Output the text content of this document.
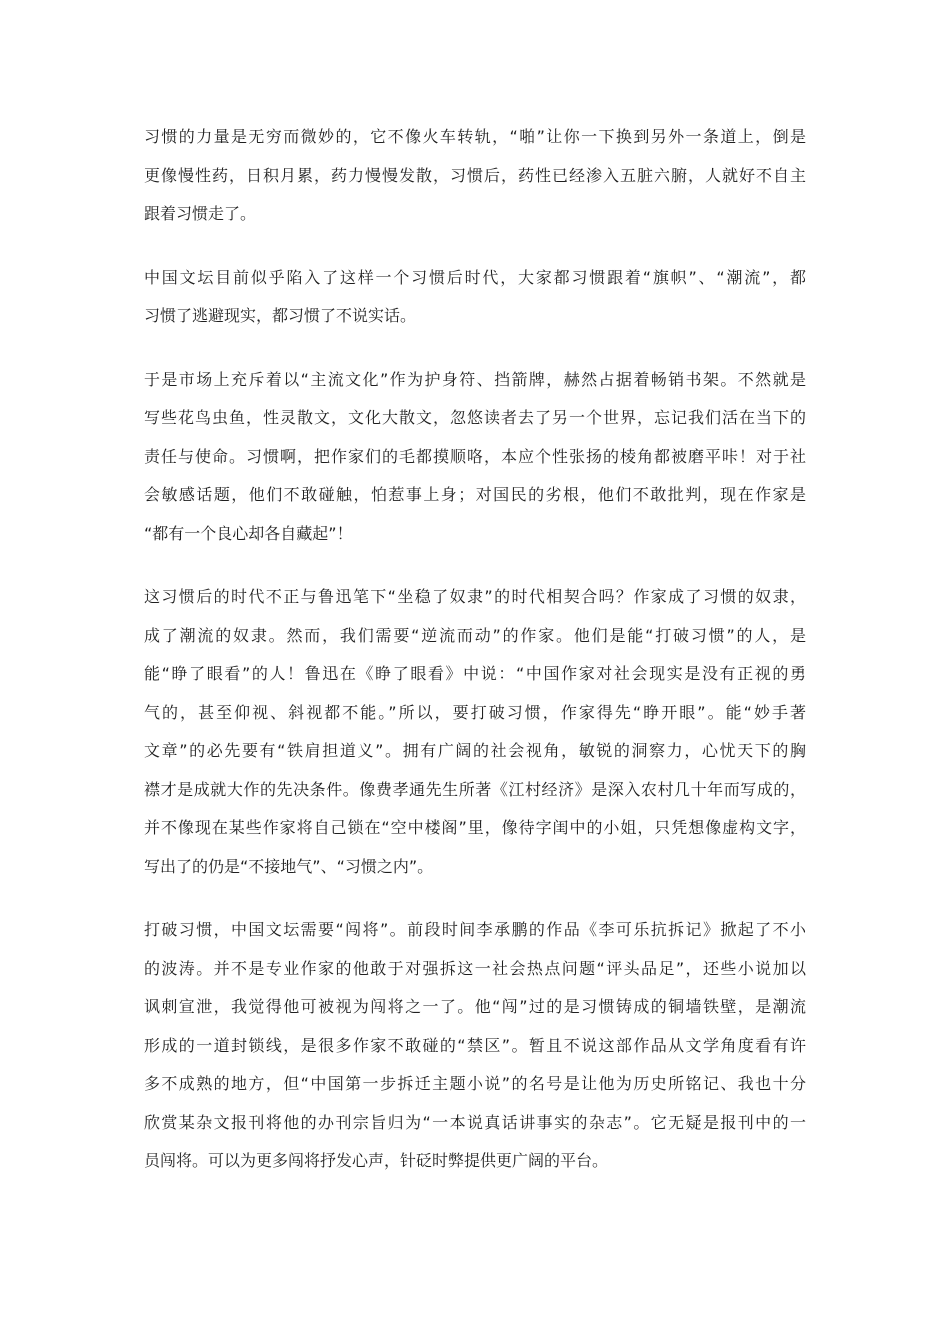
习惯的力量是无穷而微妙的，它不像火车转轨，“啪”让你一下换到另外一条道上，倒是
更像慢性药，日积月累，药力慢慢发散，习惯后，药性已经渗入五脏六腑，人就好不自主
跟着习惯走了。

中国文坛目前似乎陷入了这样一个习惯后时代，大家都习惯跟着“旗帜”、“潮流”，都
习惯了逃避现实，都习惯了不说实话。

于是市场上充斥着以“主流文化”作为护身符、挡箭牌，赫然占据着畅销书架。不然就是
写些花鸟虫鱼，性灵散文，文化大散文，忽悠读者去了另一个世界，忘记我们活在当下的
责任与使命。习惯啊，把作家们的毛都摸顺咯，本应个性张扬的棱角都被磨平咔！对于社
会敏感话题，他们不敢碰触，怕惹事上身；对国民的劣根，他们不敢批判，现在作家是
“都有一个良心却各自藏起”！

这习惯后的时代不正与鲁迅笔下“坐稳了奴隶”的时代相契合吗？作家成了习惯的奴隶，
成了潮流的奴隶。然而，我们需要“逆流而动”的作家。他们是能“打破习惯”的人，是
能“睁了眼看”的人！鲁迅在《睁了眼看》中说：“中国作家对社会现实是没有正视的勇
气的，甚至仰视、斜视都不能。”所以，要打破习惯，作家得先“睁开眼”。能“妙手著
文章”的必先要有“铁肩担道义”。拥有广阔的社会视角，敏锐的洞察力，心忧天下的胸
襟才是成就大作的先决条件。像费孝通先生所著《江村经济》是深入农村几十年而写成的，
并不像现在某些作家将自己锁在“空中楼阁”里，像待字闺中的小姐，只凭想像虚构文字，
写出了的仍是“不接地气”、“习惯之内”。

打破习惯，中国文坛需要“闯将”。前段时间李承鹏的作品《李可乐抗拆记》掀起了不小
的波涛。并不是专业作家的他敢于对强拆这一社会热点问题“评头品足”，还些小说加以
讽刺宣泄，我觉得他可被视为闯将之一了。他“闯”过的是习惯铸成的铜墙铁壁，是潮流
形成的一道封锁线，是很多作家不敢碰的“禁区”。暂且不说这部作品从文学角度看有许
多不成熟的地方，但“中国第一步拆迁主题小说”的名号是让他为历史所铭记、我也十分
欣赏某杂文报刊将他的办刊宗旨归为“一本说真话讲事实的杂志”。它无疑是报刊中的一
员闯将。可以为更多闯将抒发心声，针砭时弊提供更广阔的平台。
